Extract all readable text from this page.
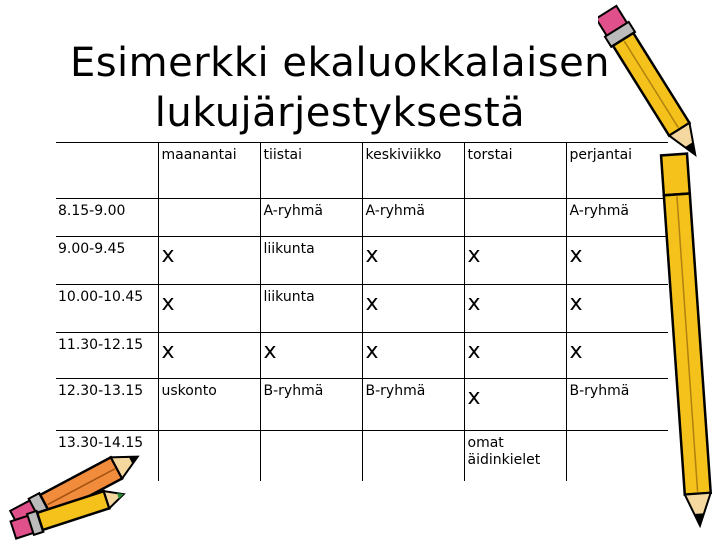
Esimerkki ekaluokkalaisen
lukujärjestyksestä
	maanantai	tiistai	keskiviikko	torstai	perjantai
8.15-9.00		A-ryhmä	A-ryhmä		A-ryhmä
9.00-9.45	x	liikunta	x	x	x

10.00-10.45	x	liikunta	x	x	x

11.30-12.15	x	x	x	x	x

12.30-13.15	uskonto	B-ryhmä	B-ryhmä	x	B-ryhmä
13.30-14.15				omat äidinkielet	
